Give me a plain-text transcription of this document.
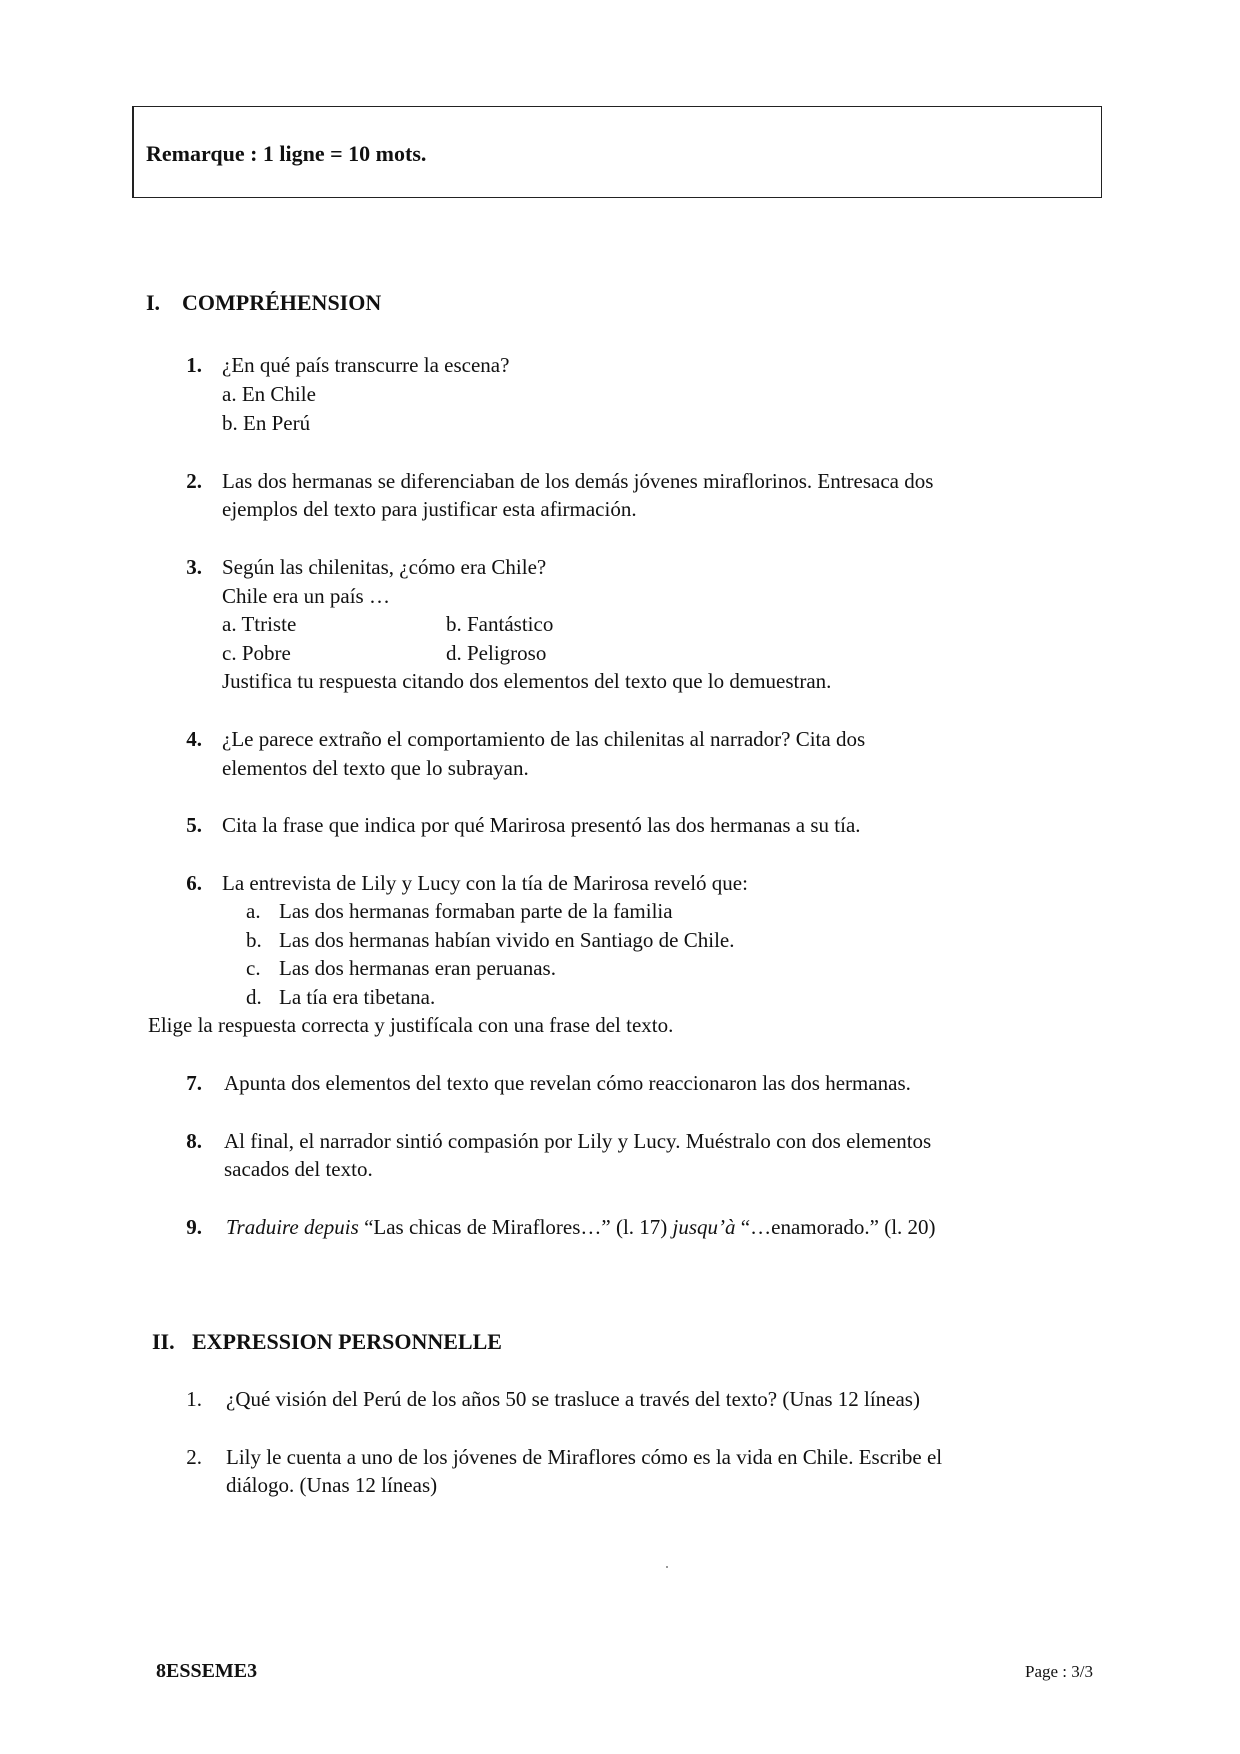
Remarque : 1 ligne = 10 mots.
I. COMPRÉHENSION
1. ¿En qué país transcurre la escena?
a. En Chile
b. En Perú
2. Las dos hermanas se diferenciaban de los demás jóvenes miraflorinos. Entresaca dos
ejemplos del texto para justificar esta afirmación.
3. Según las chilenitas, ¿cómo era Chile?
Chile era un país …
a. Ttriste	b. Fantástico
c. Pobre	d. Peligroso
Justifica tu respuesta citando dos elementos del texto que lo demuestran.
4. ¿Le parece extraño el comportamiento de las chilenitas al narrador? Cita dos
elementos del texto que lo subrayan.
5. Cita la frase que indica por qué Marirosa presentó las dos hermanas a su tía.
6. La entrevista de Lily y Lucy con la tía de Marirosa reveló que:
a. Las dos hermanas formaban parte de la familia
b. Las dos hermanas habían vivido en Santiago de Chile.
c. Las dos hermanas eran peruanas.
d. La tía era tibetana.
Elige la respuesta correcta y justifícala con una frase del texto.
7. Apunta dos elementos del texto que revelan cómo reaccionaron las dos hermanas.
8. Al final, el narrador sintió compasión por Lily y Lucy. Muéstralo con dos elementos
sacados del texto.
9. Traduire depuis “Las chicas de Miraflores…” (l. 17) jusqu’à “…enamorado.” (l. 20)
II. EXPRESSION PERSONNELLE
1. ¿Qué visión del Perú de los años 50 se trasluce a través del texto? (Unas 12 líneas)
2. Lily le cuenta a uno de los jóvenes de Miraflores cómo es la vida en Chile. Escribe el
diálogo. (Unas 12 líneas)
8ESSEME3	Page : 3/3
